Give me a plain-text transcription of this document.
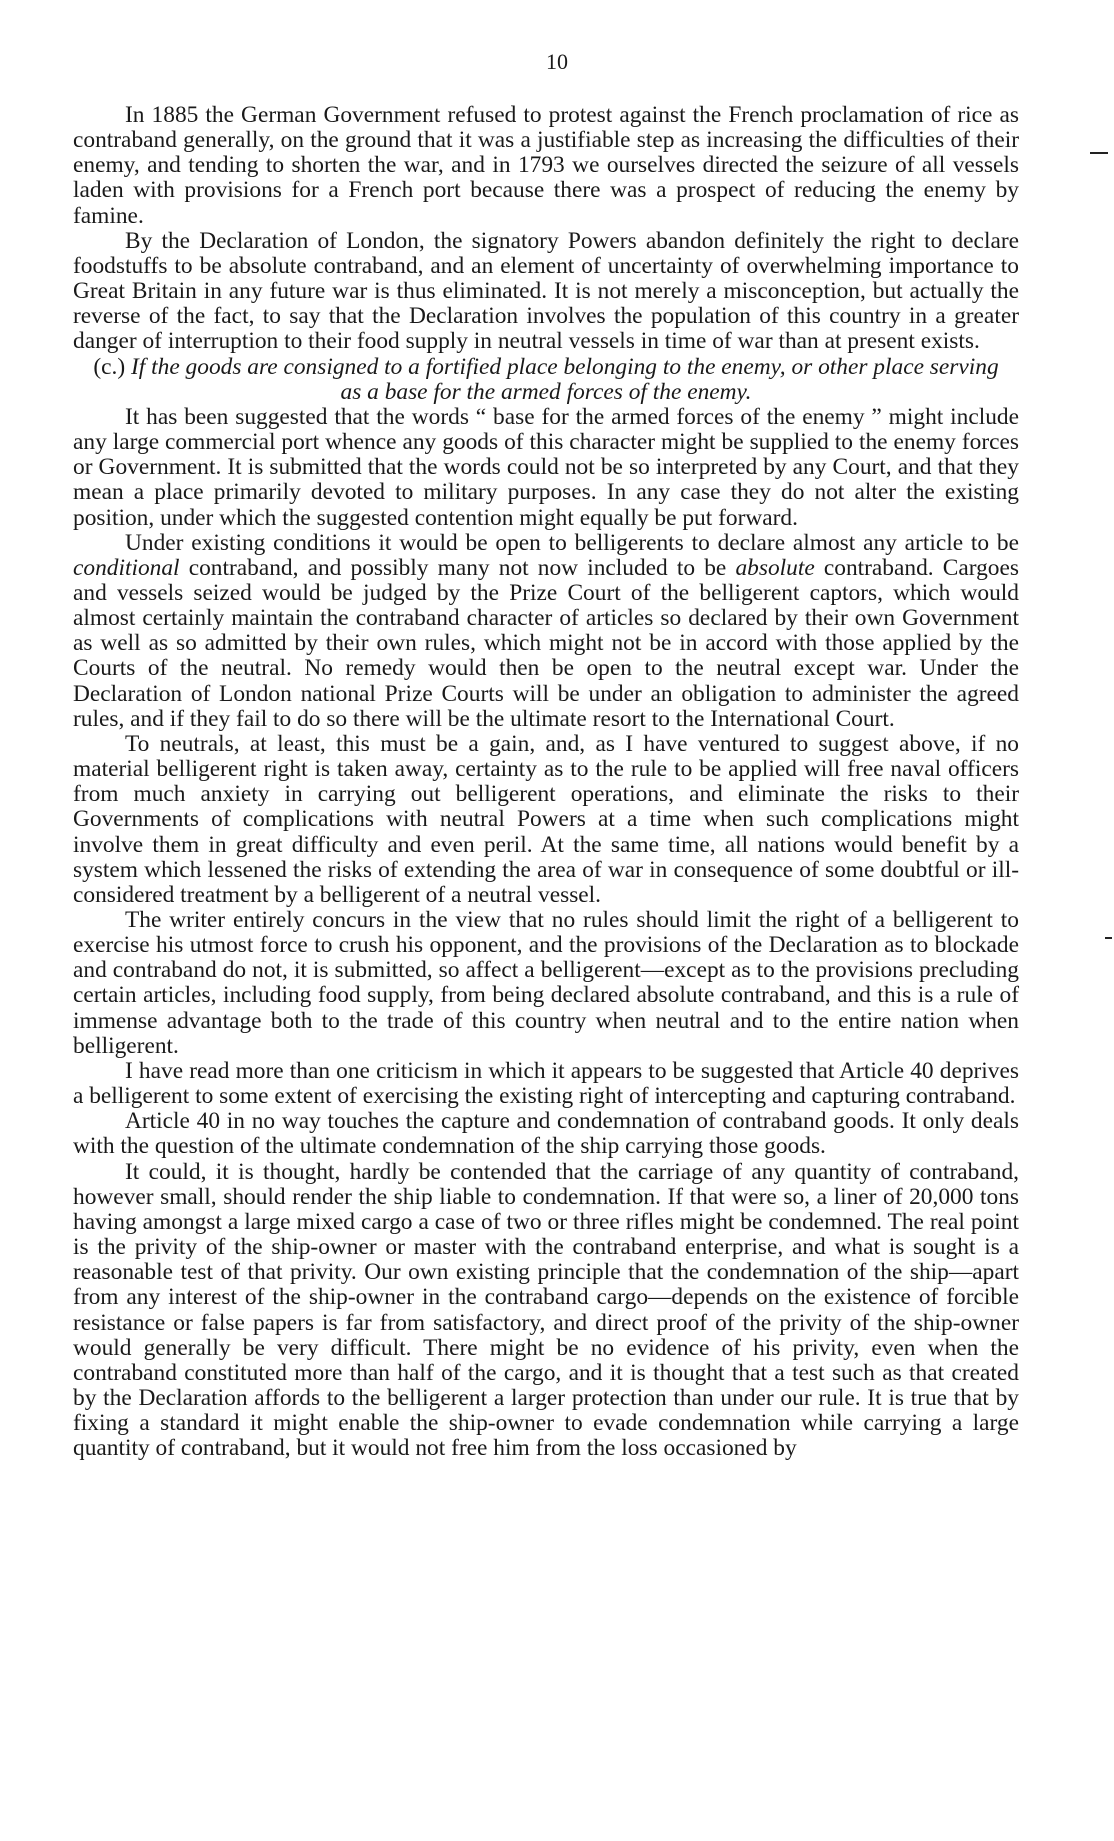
10

In 1885 the German Government refused to protest against the French proclamation of rice as contraband generally, on the ground that it was a justifiable step as increasing the difficulties of their enemy, and tending to shorten the war, and in 1793 we ourselves directed the seizure of all vessels laden with provisions for a French port because there was a prospect of reducing the enemy by famine.

By the Declaration of London, the signatory Powers abandon definitely the right to declare foodstuffs to be absolute contraband, and an element of uncertainty of overwhelming importance to Great Britain in any future war is thus eliminated. It is not merely a misconception, but actually the reverse of the fact, to say that the Declaration involves the population of this country in a greater danger of interruption to their food supply in neutral vessels in time of war than at present exists.

(c.) If the goods are consigned to a fortified place belonging to the enemy, or other place serving as a base for the armed forces of the enemy.

It has been suggested that the words “ base for the armed forces of the enemy ” might include any large commercial port whence any goods of this character might be supplied to the enemy forces or Government. It is submitted that the words could not be so interpreted by any Court, and that they mean a place primarily devoted to military purposes. In any case they do not alter the existing position, under which the suggested contention might equally be put forward.

Under existing conditions it would be open to belligerents to declare almost any article to be conditional contraband, and possibly many not now included to be absolute contraband. Cargoes and vessels seized would be judged by the Prize Court of the belligerent captors, which would almost certainly maintain the contraband character of articles so declared by their own Government as well as so admitted by their own rules, which might not be in accord with those applied by the Courts of the neutral. No remedy would then be open to the neutral except war. Under the Declaration of London national Prize Courts will be under an obligation to administer the agreed rules, and if they fail to do so there will be the ultimate resort to the International Court.

To neutrals, at least, this must be a gain, and, as I have ventured to suggest above, if no material belligerent right is taken away, certainty as to the rule to be applied will free naval officers from much anxiety in carrying out belligerent operations, and eliminate the risks to their Governments of complications with neutral Powers at a time when such complications might involve them in great difficulty and even peril. At the same time, all nations would benefit by a system which lessened the risks of extending the area of war in consequence of some doubtful or ill-considered treatment by a belligerent of a neutral vessel.

The writer entirely concurs in the view that no rules should limit the right of a belligerent to exercise his utmost force to crush his opponent, and the provisions of the Declaration as to blockade and contraband do not, it is submitted, so affect a belligerent—except as to the provisions precluding certain articles, including food supply, from being declared absolute contraband, and this is a rule of immense advantage both to the trade of this country when neutral and to the entire nation when belligerent.

I have read more than one criticism in which it appears to be suggested that Article 40 deprives a belligerent to some extent of exercising the existing right of intercepting and capturing contraband.

Article 40 in no way touches the capture and condemnation of contraband goods. It only deals with the question of the ultimate condemnation of the ship carrying those goods.

It could, it is thought, hardly be contended that the carriage of any quantity of contraband, however small, should render the ship liable to condemnation. If that were so, a liner of 20,000 tons having amongst a large mixed cargo a case of two or three rifles might be condemned. The real point is the privity of the ship-owner or master with the contraband enterprise, and what is sought is a reasonable test of that privity. Our own existing principle that the condemnation of the ship—apart from any interest of the ship-owner in the contraband cargo—depends on the existence of forcible resistance or false papers is far from satisfactory, and direct proof of the privity of the ship-owner would generally be very difficult. There might be no evidence of his privity, even when the contraband constituted more than half of the cargo, and it is thought that a test such as that created by the Declaration affords to the belligerent a larger protection than under our rule. It is true that by fixing a standard it might enable the ship-owner to evade condemnation while carrying a large quantity of contraband, but it would not free him from the loss occasioned by
